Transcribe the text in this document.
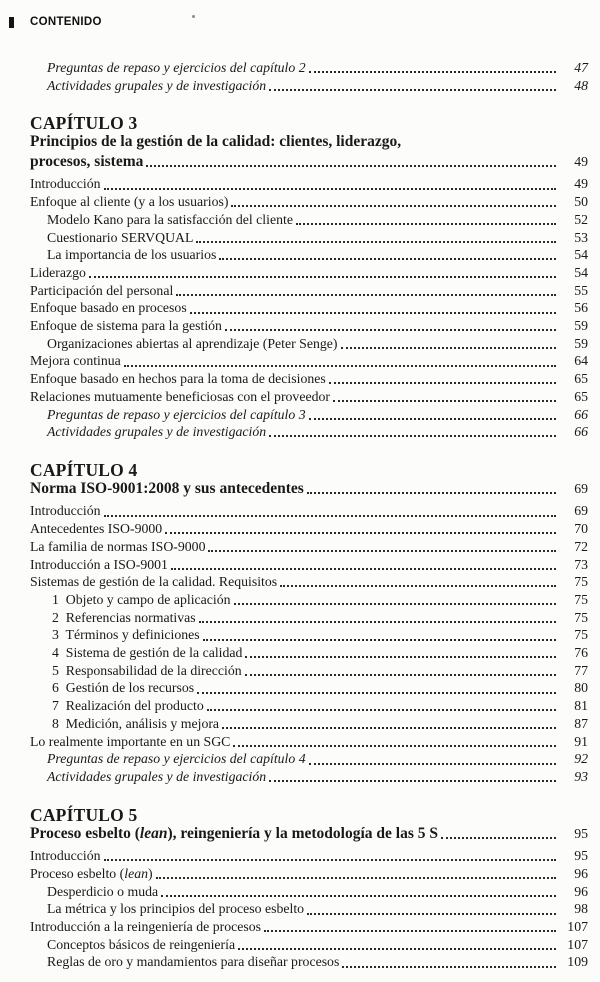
CONTENIDO
Preguntas de repaso y ejercicios del capítulo 2	47
Actividades grupales y de investigación	48
CAPÍTULO 3
Principios de la gestión de la calidad: clientes, liderazgo,
procesos, sistema	49
Introducción	49
Enfoque al cliente (y a los usuarios)	50
Modelo Kano para la satisfacción del cliente	52
Cuestionario SERVQUAL	53
La importancia de los usuarios	54
Liderazgo	54
Participación del personal	55
Enfoque basado en procesos	56
Enfoque de sistema para la gestión	59
Organizaciones abiertas al aprendizaje (Peter Senge)	59
Mejora continua	64
Enfoque basado en hechos para la toma de decisiones	65
Relaciones mutuamente beneficiosas con el proveedor	65
Preguntas de repaso y ejercicios del capítulo 3	66
Actividades grupales y de investigación	66
CAPÍTULO 4
Norma ISO-9001:2008 y sus antecedentes	69
Introducción	69
Antecedentes ISO-9000	70
La familia de normas ISO-9000	72
Introducción a ISO-9001	73
Sistemas de gestión de la calidad. Requisitos	75
1  Objeto y campo de aplicación	75
2  Referencias normativas	75
3  Términos y definiciones	75
4  Sistema de gestión de la calidad	76
5  Responsabilidad de la dirección	77
6  Gestión de los recursos	80
7  Realización del producto	81
8  Medición, análisis y mejora	87
Lo realmente importante en un SGC	91
Preguntas de repaso y ejercicios del capítulo 4	92
Actividades grupales y de investigación	93
CAPÍTULO 5
Proceso esbelto (lean), reingeniería y la metodología de las 5 S	95
Introducción	95
Proceso esbelto (lean)	96
Desperdicio o muda	96
La métrica y los principios del proceso esbelto	98
Introducción a la reingeniería de procesos	107
Conceptos básicos de reingeniería	107
Reglas de oro y mandamientos para diseñar procesos	109
